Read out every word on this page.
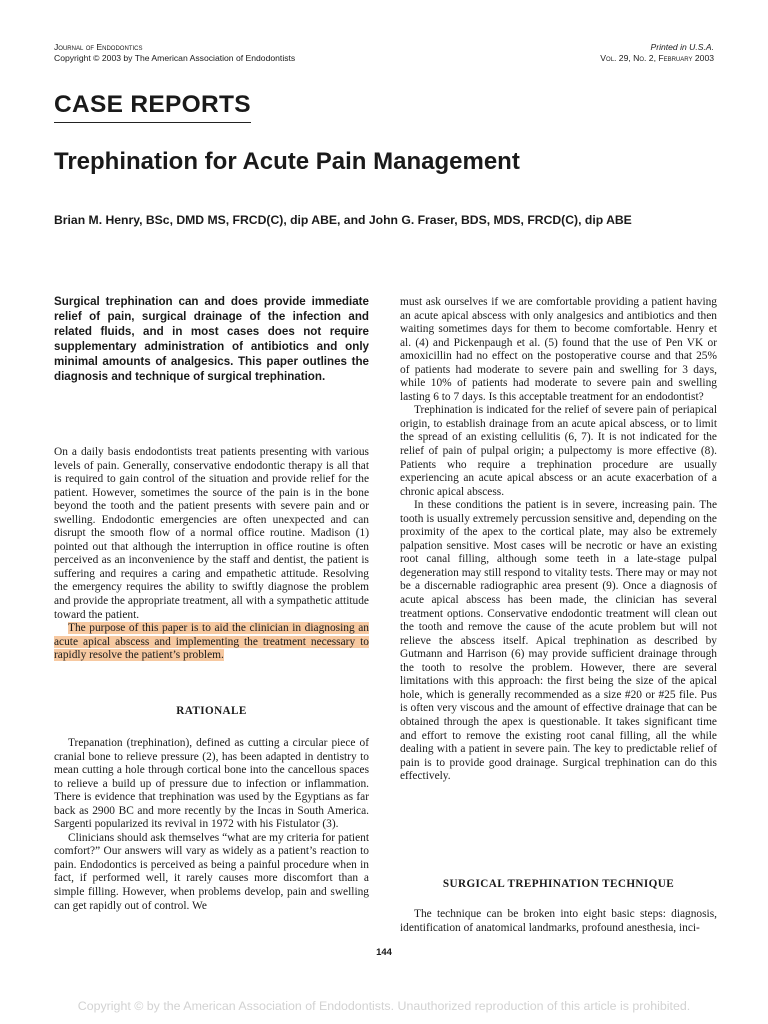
Journal of Endodontics
Copyright © 2003 by The American Association of Endodontists
Printed in U.S.A.
Vol. 29, No. 2, February 2003
CASE REPORTS
Trephination for Acute Pain Management
Brian M. Henry, BSc, DMD MS, FRCD(C), dip ABE, and John G. Fraser, BDS, MDS, FRCD(C), dip ABE
Surgical trephination can and does provide immediate relief of pain, surgical drainage of the infection and related fluids, and in most cases does not require supplementary administration of antibiotics and only minimal amounts of analgesics. This paper outlines the diagnosis and technique of surgical trephination.

On a daily basis endodontists treat patients presenting with various levels of pain. Generally, conservative endodontic therapy is all that is required to gain control of the situation and provide relief for the patient. However, sometimes the source of the pain is in the bone beyond the tooth and the patient presents with severe pain and or swelling. Endodontic emergencies are often unexpected and can disrupt the smooth flow of a normal office routine. Madison (1) pointed out that although the interruption in office routine is often perceived as an inconvenience by the staff and dentist, the patient is suffering and requires a caring and empathetic attitude. Resolving the emergency requires the ability to swiftly diagnose the problem and provide the appropriate treatment, all with a sympathetic attitude toward the patient.

The purpose of this paper is to aid the clinician in diagnosing an acute apical abscess and implementing the treatment necessary to rapidly resolve the patient’s problem.

RATIONALE

Trepanation (trephination), defined as cutting a circular piece of cranial bone to relieve pressure (2), has been adapted in dentistry to mean cutting a hole through cortical bone into the cancellous spaces to relieve a build up of pressure due to infection or inflammation. There is evidence that trephination was used by the Egyptians as far back as 2900 BC and more recently by the Incas in South America. Sargenti popularized its revival in 1972 with his Fistulator (3).

Clinicians should ask themselves “what are my criteria for patient comfort?” Our answers will vary as widely as a patient’s reaction to pain. Endodontics is perceived as being a painful procedure when in fact, if performed well, it rarely causes more discomfort than a simple filling. However, when problems develop, pain and swelling can get rapidly out of control. We

must ask ourselves if we are comfortable providing a patient having an acute apical abscess with only analgesics and antibiotics and then waiting sometimes days for them to become comfortable. Henry et al. (4) and Pickenpaugh et al. (5) found that the use of Pen VK or amoxicillin had no effect on the postoperative course and that 25% of patients had moderate to severe pain and swelling for 3 days, while 10% of patients had moderate to severe pain and swelling lasting 6 to 7 days. Is this acceptable treatment for an endodontist?

Trephination is indicated for the relief of severe pain of periapical origin, to establish drainage from an acute apical abscess, or to limit the spread of an existing cellulitis (6, 7). It is not indicated for the relief of pain of pulpal origin; a pulpectomy is more effective (8). Patients who require a trephination procedure are usually experiencing an acute apical abscess or an acute exacerbation of a chronic apical abscess.

In these conditions the patient is in severe, increasing pain. The tooth is usually extremely percussion sensitive and, depending on the proximity of the apex to the cortical plate, may also be extremely palpation sensitive. Most cases will be necrotic or have an existing root canal filling, although some teeth in a late-stage pulpal degeneration may still respond to vitality tests. There may or may not be a discernable radiographic area present (9). Once a diagnosis of acute apical abscess has been made, the clinician has several treatment options. Conservative endodontic treatment will clean out the tooth and remove the cause of the acute problem but will not relieve the abscess itself. Apical trephination as described by Gutmann and Harrison (6) may provide sufficient drainage through the tooth to resolve the problem. However, there are several limitations with this approach: the first being the size of the apical hole, which is generally recommended as a size #20 or #25 file. Pus is often very viscous and the amount of effective drainage that can be obtained through the apex is questionable. It takes significant time and effort to remove the existing root canal filling, all the while dealing with a patient in severe pain. The key to predictable relief of pain is to provide good drainage. Surgical trephination can do this effectively.

SURGICAL TREPHINATION TECHNIQUE

The technique can be broken into eight basic steps: diagnosis, identification of anatomical landmarks, profound anesthesia, inci-

144
Copyright © by the American Association of Endodontists. Unauthorized reproduction of this article is prohibited.
